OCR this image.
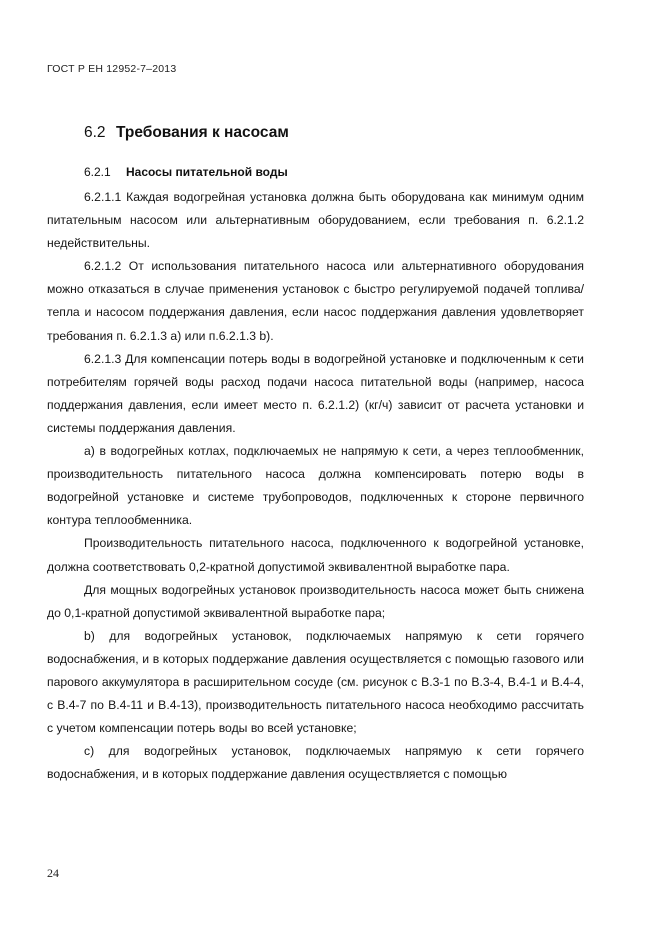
ГОСТ Р ЕН 12952-7–2013
6.2 Требования к насосам
6.2.1 Насосы питательной воды

6.2.1.1 Каждая водогрейная установка должна быть оборудована как минимум одним питательным насосом или альтернативным оборудованием, если требования п. 6.2.1.2 недействительны.

6.2.1.2 От использования питательного насоса или альтернативного оборудования можно отказаться в случае применения установок с быстро регулируемой подачей топлива/тепла и насосом поддержания давления, если насос поддержания давления удовлетворяет требования п. 6.2.1.3 a) или п.6.2.1.3 b).

6.2.1.3 Для компенсации потерь воды в водогрейной установке и подключенным к сети потребителям горячей воды расход подачи насоса питательной воды (например, насоса поддержания давления, если имеет место п. 6.2.1.2) (кг/ч) зависит от расчета установки и системы поддержания давления.

a) в водогрейных котлах, подключаемых не напрямую к сети, а через теплообменник, производительность питательного насоса должна компенсировать потерю воды в водогрейной установке и системе трубопроводов, подключенных к стороне первичного контура теплообменника.

Производительность питательного насоса, подключенного к водогрейной установке, должна соответствовать 0,2-кратной допустимой эквивалентной выработке пара.

Для мощных водогрейных установок производительность насоса может быть снижена до 0,1-кратной допустимой эквивалентной выработке пара;

b) для водогрейных установок, подключаемых напрямую к сети горячего водоснабжения, и в которых поддержание давления осуществляется с помощью газового или парового аккумулятора в расширительном сосуде (см. рисунок с В.3-1 по В.3-4, В.4-1 и В.4-4, с В.4-7 по В.4-11 и В.4-13), производительность питательного насоса необходимо рассчитать с учетом компенсации потерь воды во всей установке;

c) для водогрейных установок, подключаемых напрямую к сети горячего водоснабжения, и в которых поддержание давления осуществляется с помощью

24
